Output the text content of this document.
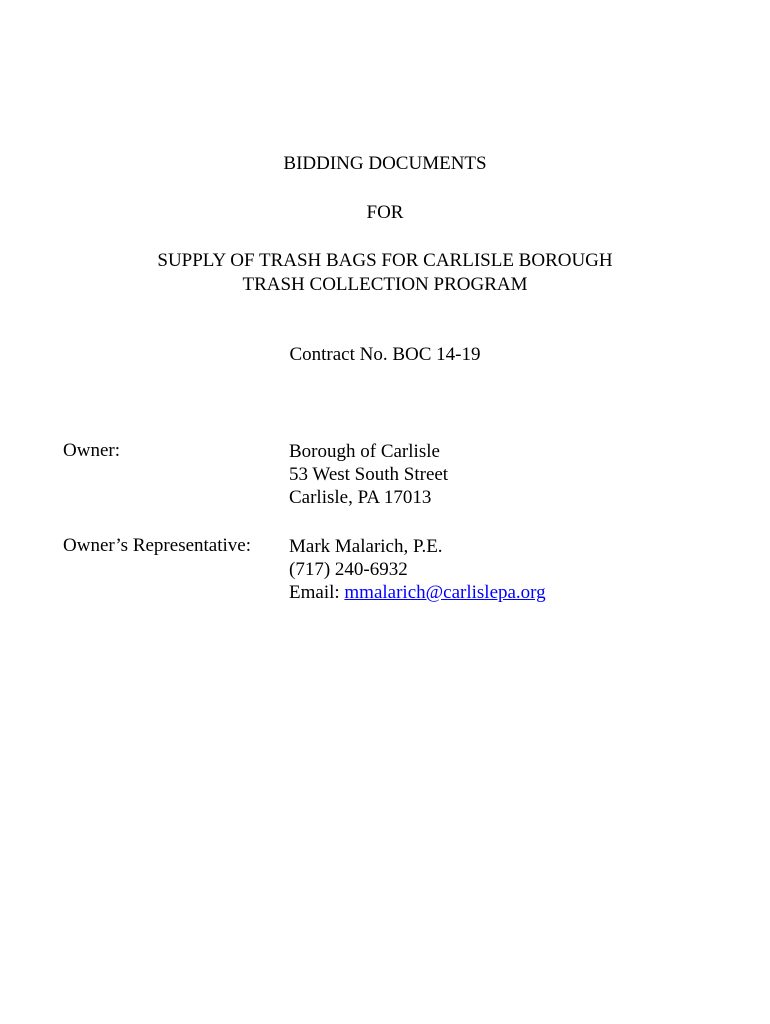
BIDDING DOCUMENTS
FOR
SUPPLY OF TRASH BAGS FOR CARLISLE BOROUGH
TRASH COLLECTION PROGRAM
Contract No. BOC 14-19
Owner:	Borough of Carlisle
53 West South Street
Carlisle, PA 17013
Owner’s Representative: Mark Malarich, P.E.
(717) 240-6932
Email: mmalarich@carlislepa.org
